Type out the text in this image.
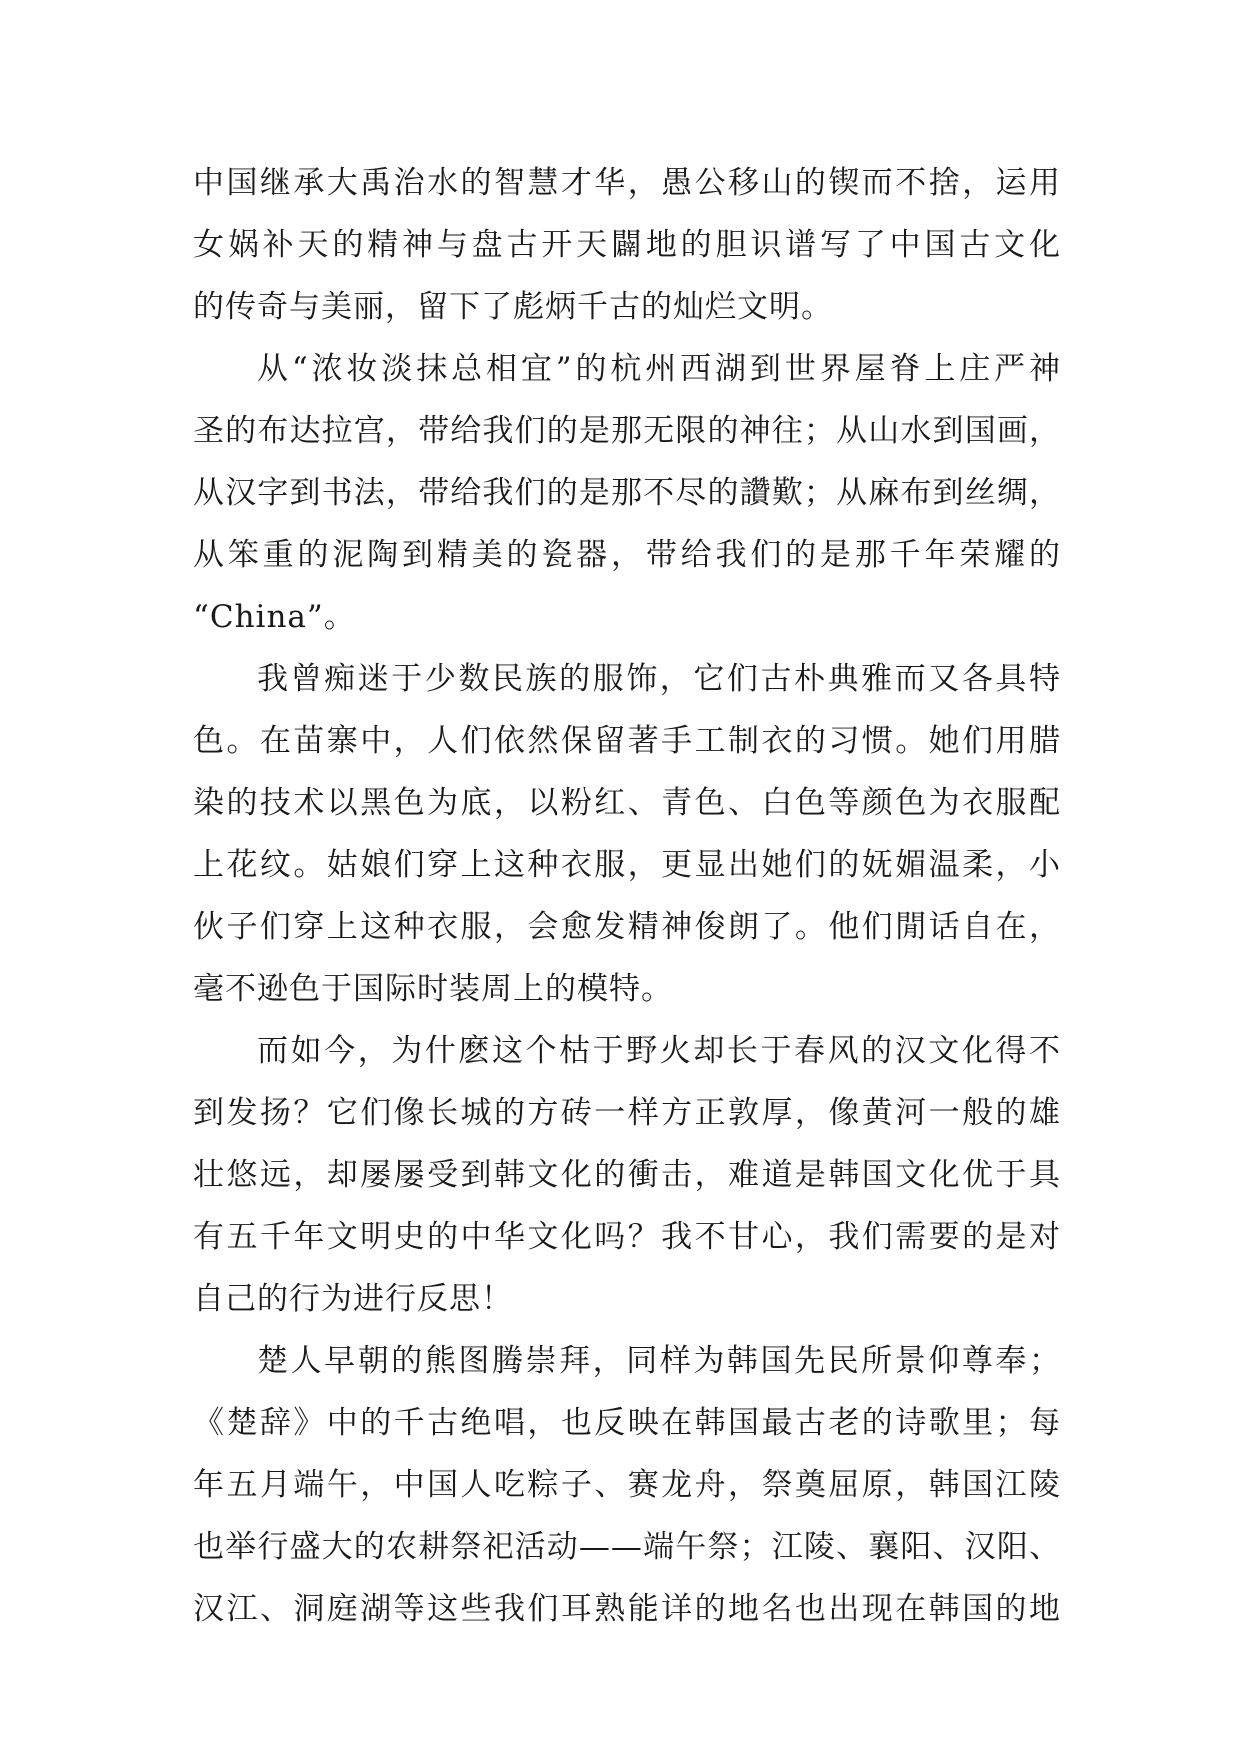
中国继承大禹治水的智慧才华，愚公移山的锲而不捨，运用
女娲补天的精神与盘古开天闢地的胆识谱写了中国古文化
的传奇与美丽，留下了彪炳千古的灿烂文明。
从“浓妆淡抹总相宜”的杭州西湖到世界屋脊上庄严神
圣的布达拉宫，带给我们的是那无限的神往；从山水到国画，
从汉字到书法，带给我们的是那不尽的讚歎；从麻布到丝绸，
从笨重的泥陶到精美的瓷器，带给我们的是那千年荣耀的
“China”。
我曾痴迷于少数民族的服饰，它们古朴典雅而又各具特
色。在苗寨中，人们依然保留著手工制衣的习惯。她们用腊
染的技术以黑色为底，以粉红、青色、白色等颜色为衣服配
上花纹。姑娘们穿上这种衣服，更显出她们的妩媚温柔，小
伙子们穿上这种衣服，会愈发精神俊朗了。他们閒话自在，
毫不逊色于国际时装周上的模特。
而如今，为什麽这个枯于野火却长于春风的汉文化得不
到发扬？它们像长城的方砖一样方正敦厚，像黄河一般的雄
壮悠远，却屡屡受到韩文化的衝击，难道是韩国文化优于具
有五千年文明史的中华文化吗？我不甘心，我们需要的是对
自己的行为进行反思！
楚人早朝的熊图腾崇拜，同样为韩国先民所景仰尊奉；
《楚辞》中的千古绝唱，也反映在韩国最古老的诗歌里；每
年五月端午，中国人吃粽子、赛龙舟，祭奠屈原，韩国江陵
也举行盛大的农耕祭祀活动——端午祭；江陵、襄阳、汉阳、
汉江、洞庭湖等这些我们耳熟能详的地名也出现在韩国的地
